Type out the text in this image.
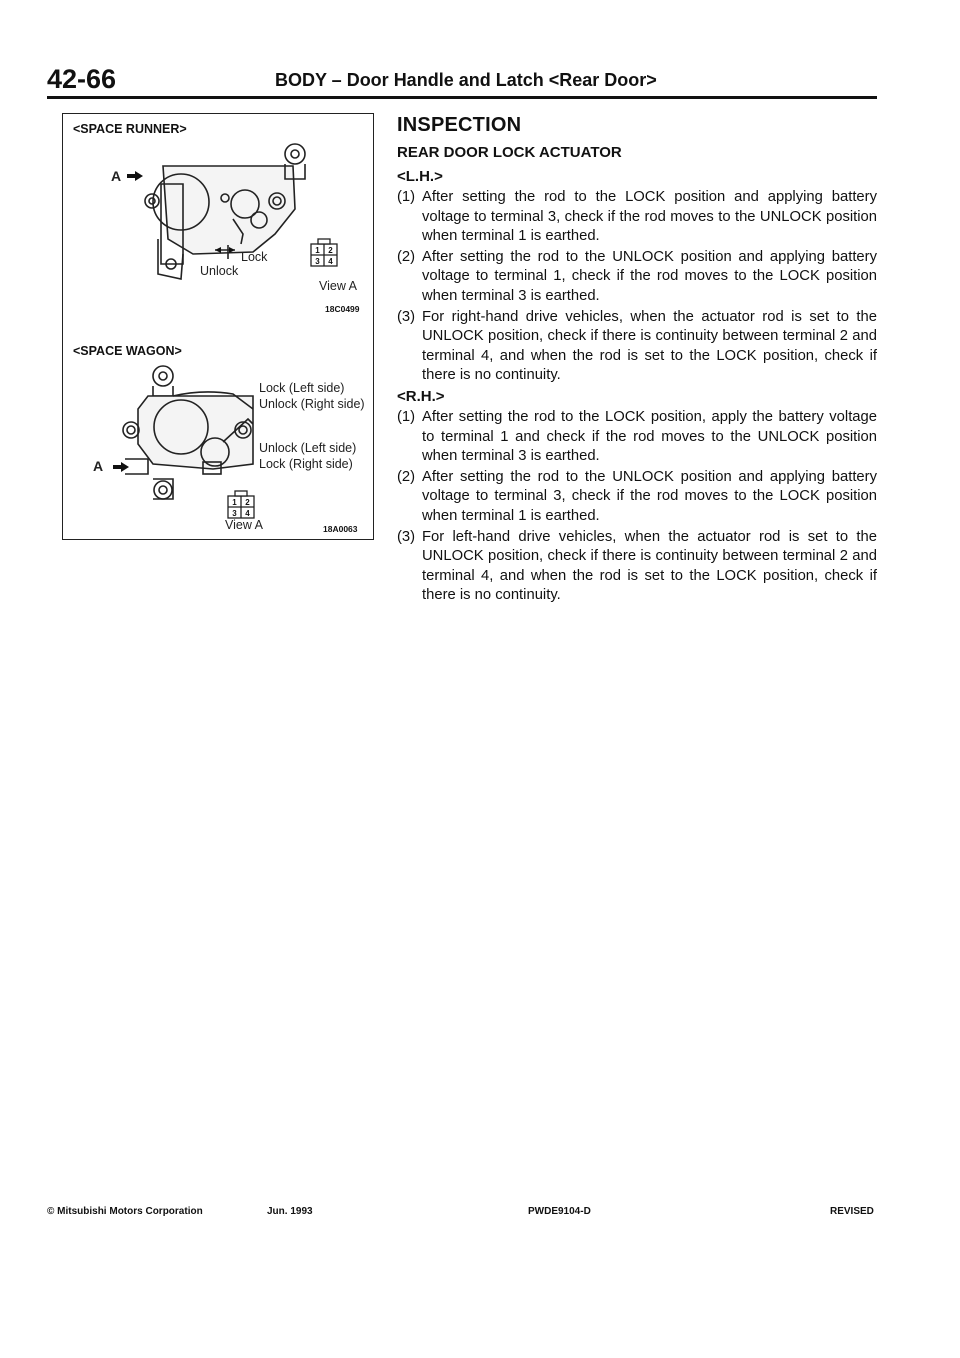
42-66	BODY – Door Handle and Latch <Rear Door>
<SPACE RUNNER>
1 2
3 4
A
Lock
Unlock
View A
18C0499
<SPACE WAGON>
1 2
3 4
A
Lock (Left side)
Unlock (Right side)
Unlock (Left side)
Lock (Right side)
View A	18A0063
INSPECTION
REAR DOOR LOCK ACTUATOR
<L.H.>
(1) After setting the rod to the LOCK position and applying battery voltage to terminal 3, check if the rod moves to the UNLOCK position when terminal 1 is earthed.
(2) After setting the rod to the UNLOCK position and applying battery voltage to terminal 1, check if the rod moves to the LOCK position when terminal 3 is earthed.
(3) For right-hand drive vehicles, when the actuator rod is set to the UNLOCK position, check if there is continuity between terminal 2 and terminal 4, and when the rod is set to the LOCK position, check if there is no continuity.
<R.H.>
(1) After setting the rod to the LOCK position, apply the battery voltage to terminal 1 and check if the rod moves to the UNLOCK position when terminal 3 is earthed.
(2) After setting the rod to the UNLOCK position and applying battery voltage to terminal 3, check if the rod moves to the LOCK position when terminal 1 is earthed.
(3) For left-hand drive vehicles, when the actuator rod is set to the UNLOCK position, check if there is continuity between terminal 2 and terminal 4, and when the rod is set to the LOCK position, check if there is no continuity.
© Mitsubishi Motors Corporation	Jun. 1993	PWDE9104-D	REVISED
